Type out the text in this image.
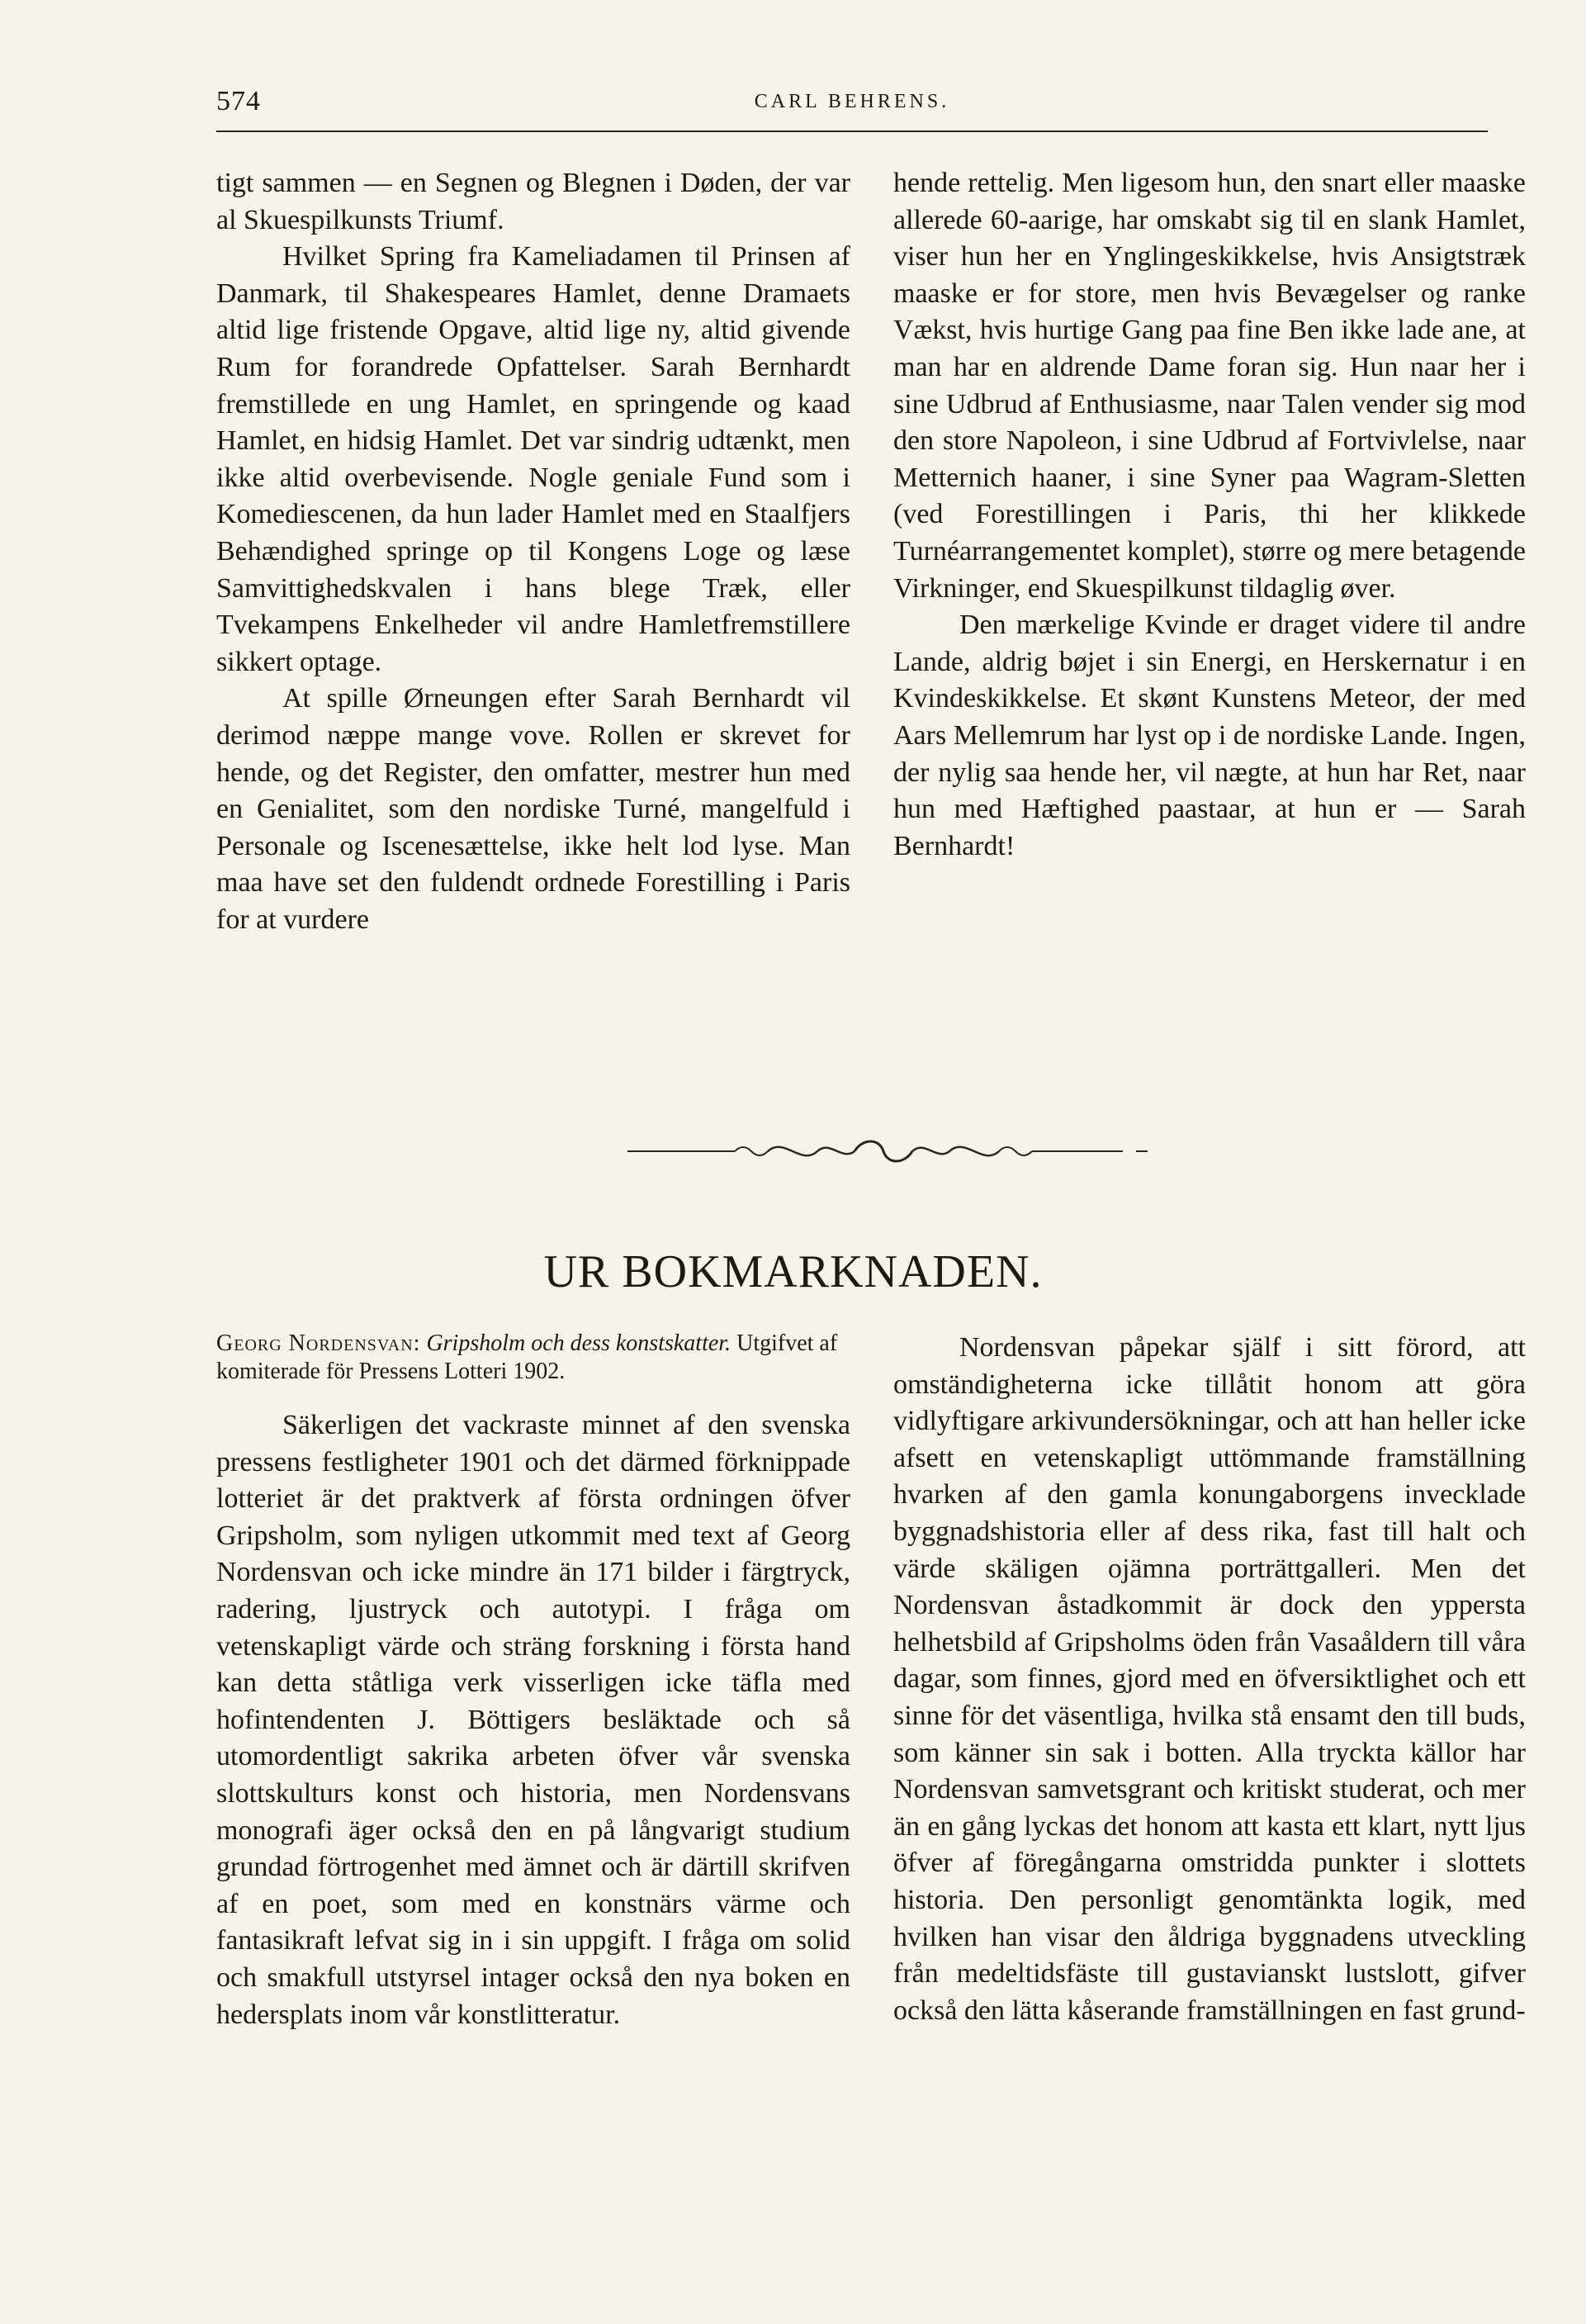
574	CARL BEHRENS.

tigt sammen — en Segnen og Blegnen i Døden, der var al Skuespilkunsts Triumf.

Hvilket Spring fra Kameliadamen til Prinsen af Danmark, til Shakespeares Hamlet, denne Dramaets altid lige fristende Opgave, altid lige ny, altid givende Rum for forandrede Opfattelser. Sarah Bernhardt fremstillede en ung Hamlet, en springende og kaad Hamlet, en hidsig Hamlet. Det var sindrig udtænkt, men ikke altid overbevisende. Nogle geniale Fund som i Komediescenen, da hun lader Hamlet med en Staalfjers Behændighed springe op til Kongens Loge og læse Samvittighedskvalen i hans blege Træk, eller Tvekampens Enkelheder vil andre Hamletfremstillere sikkert optage.

At spille Ørneungen efter Sarah Bernhardt vil derimod næppe mange vove. Rollen er skrevet for hende, og det Register, den omfatter, mestrer hun med en Genialitet, som den nordiske Turné, mangelfuld i Personale og Iscenesættelse, ikke helt lod lyse. Man maa have set den fuldendt ordnede Forestilling i Paris for at vurdere

hende rettelig. Men ligesom hun, den snart eller maaske allerede 60-aarige, har omskabt sig til en slank Hamlet, viser hun her en Ynglingeskikkelse, hvis Ansigtstræk maaske er for store, men hvis Bevægelser og ranke Vækst, hvis hurtige Gang paa fine Ben ikke lade ane, at man har en aldrende Dame foran sig. Hun naar her i sine Udbrud af Enthusiasme, naar Talen vender sig mod den store Napoleon, i sine Udbrud af Fortvivlelse, naar Metternich haaner, i sine Syner paa Wagram-Sletten (ved Forestillingen i Paris, thi her klikkede Turnéarrangementet komplet), større og mere betagende Virkninger, end Skuespilkunst tildaglig øver.

Den mærkelige Kvinde er draget videre til andre Lande, aldrig bøjet i sin Energi, en Herskernatur i en Kvindeskikkelse. Et skønt Kunstens Meteor, der med Aars Mellemrum har lyst op i de nordiske Lande. Ingen, der nylig saa hende her, vil nægte, at hun har Ret, naar hun med Hæftighed paastaar, at hun er — Sarah Bernhardt!

UR BOKMARKNADEN.

Georg Nordensvan: Gripsholm och dess konstskatter. Utgifvet af komiterade för Pressens Lotteri 1902.

Säkerligen det vackraste minnet af den svenska pressens festligheter 1901 och det därmed förknippade lotteriet är det praktverk af första ordningen öfver Gripsholm, som nyligen utkommit med text af Georg Nordensvan och icke mindre än 171 bilder i färgtryck, radering, ljustryck och autotypi. I fråga om vetenskapligt värde och sträng forskning i första hand kan detta ståtliga verk visserligen icke täfla med hofintendenten J. Böttigers besläktade och så utomordentligt sakrika arbeten öfver vår svenska slottskulturs konst och historia, men Nordensvans monografi äger också den en på långvarigt studium grundad förtrogenhet med ämnet och är därtill skrifven af en poet, som med en konstnärs värme och fantasikraft lefvat sig in i sin uppgift. I fråga om solid och smakfull utstyrsel intager också den nya boken en hedersplats inom vår konstlitteratur.

Nordensvan påpekar själf i sitt förord, att omständigheterna icke tillåtit honom att göra vidlyftigare arkivundersökningar, och att han heller icke afsett en vetenskapligt uttömmande framställning hvarken af den gamla konungaborgens invecklade byggnadshistoria eller af dess rika, fast till halt och värde skäligen ojämna porträttgalleri. Men det Nordensvan åstadkommit är dock den yppersta helhetsbild af Gripsholms öden från Vasaåldern till våra dagar, som finnes, gjord med en öfversiktlighet och ett sinne för det väsentliga, hvilka stå ensamt den till buds, som känner sin sak i botten. Alla tryckta källor har Nordensvan samvetsgrant och kritiskt studerat, och mer än en gång lyckas det honom att kasta ett klart, nytt ljus öfver af föregångarna omstridda punkter i slottets historia. Den personligt genomtänkta logik, med hvilken han visar den åldriga byggnadens utveckling från medeltidsfäste till gustavianskt lustslott, gifver också den lätta kåserande framställningen en fast grund-
